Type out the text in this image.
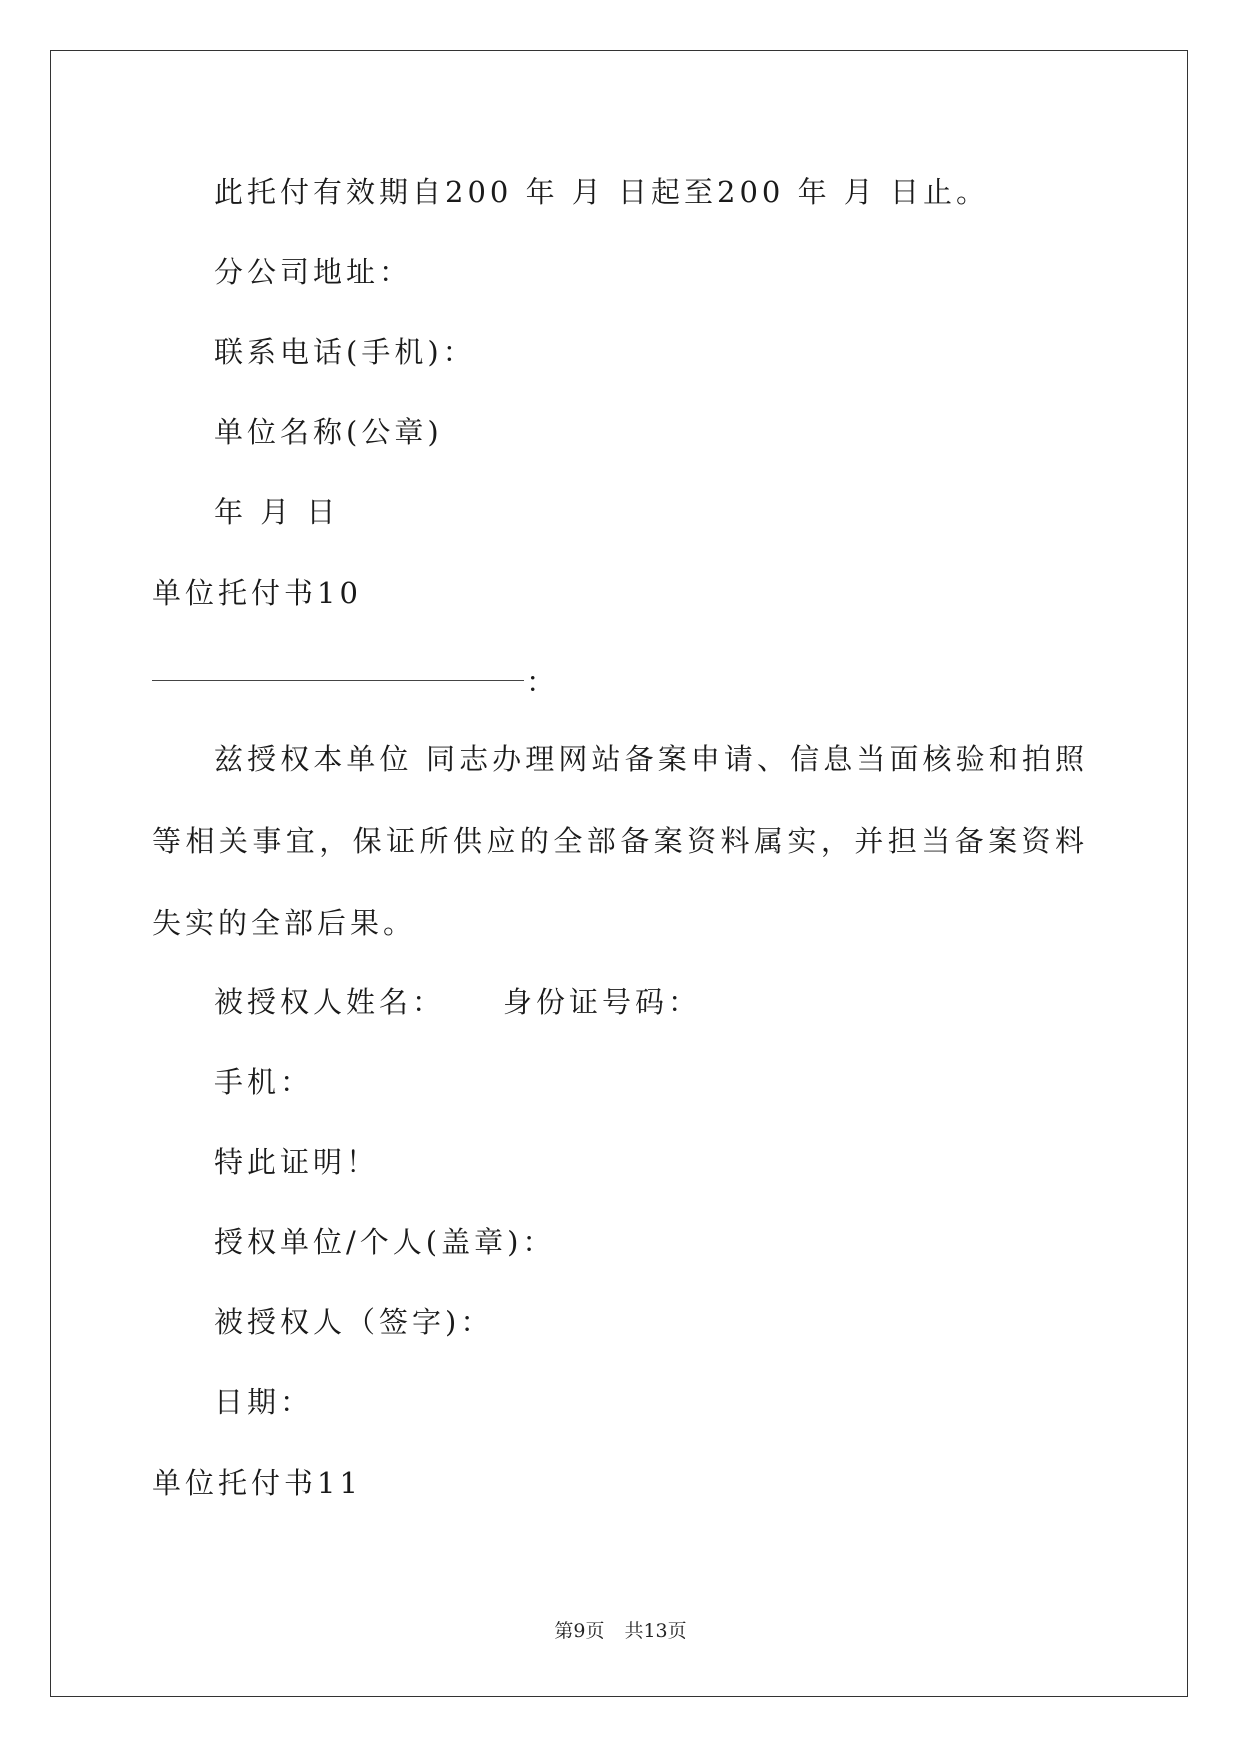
此托付有效期自200 年 月 日起至200 年 月 日止。
分公司地址：
联系电话(手机)：
单位名称(公章)
年 月 日
单位托付书10
：
兹授权本单位 同志办理网站备案申请、信息当面核验和拍照等相关事宜，保证所供应的全部备案资料属实，并担当备案资料失实的全部后果。
被授权人姓名： 身份证号码：
手机：
特此证明！
授权单位/个人(盖章)：
被授权人（签字)：
日期：
单位托付书11
第9页 共13页
